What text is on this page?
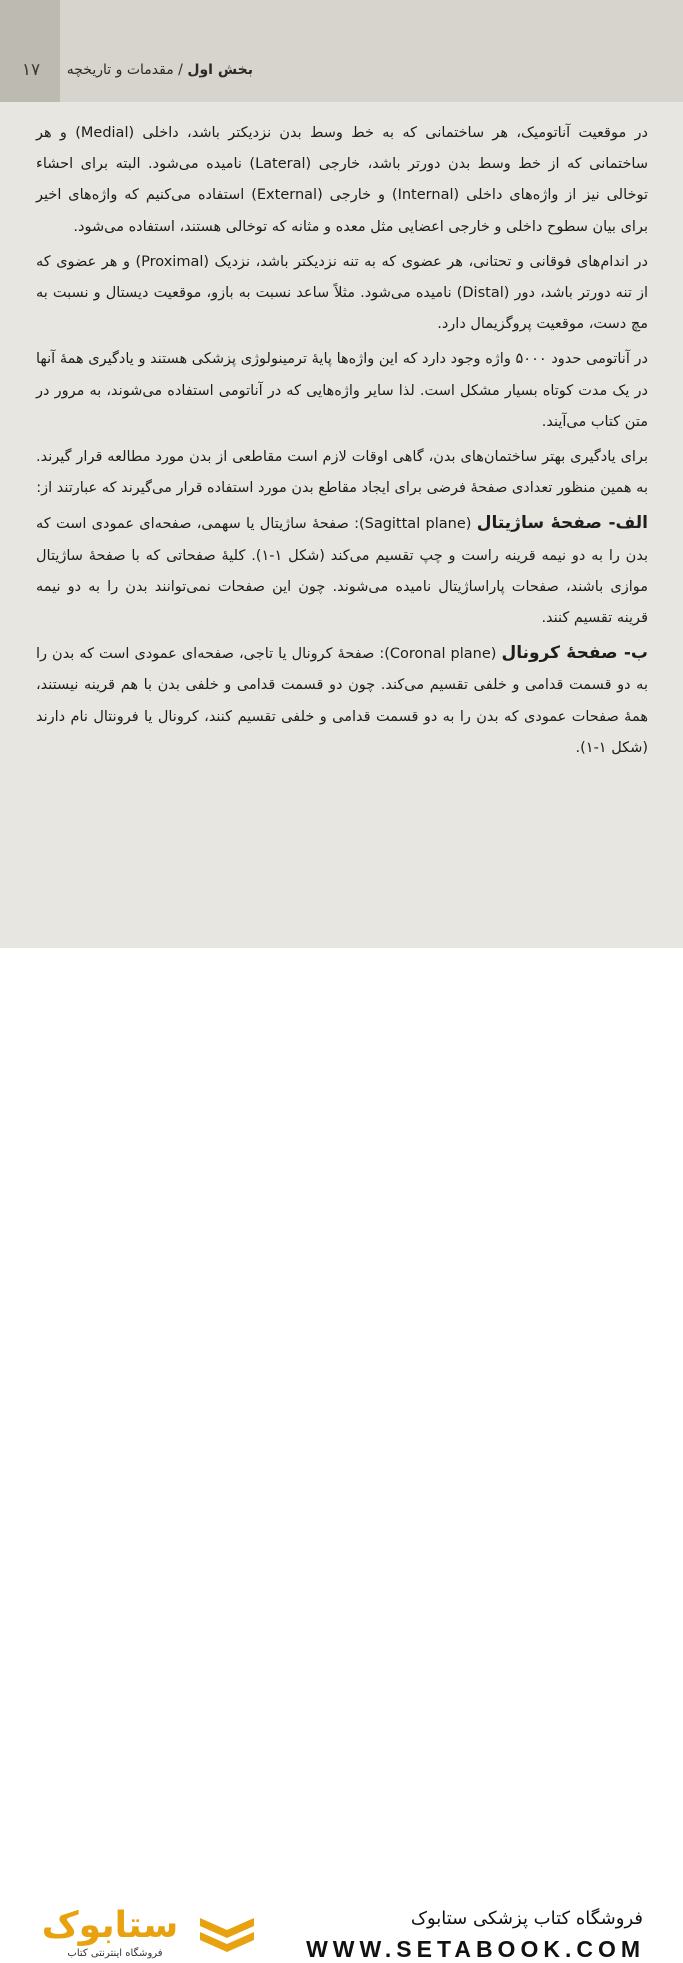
۱۷	بخش اول / مقدمات و تاریخچه

در موقعیت آناتومیک، هر ساختمانی که به خط وسط بدن نزدیکتر باشد، داخلی (Medial) و هر ساختمانی که از خط وسط بدن دورتر باشد، خارجی (Lateral) نامیده می‌شود. البته برای احشاء توخالی نیز از واژه‌های داخلی (Internal) و خارجی (External) استفاده می‌کنیم که واژه‌های اخیر برای بیان سطوح داخلی و خارجی اعضایی مثل معده و مثانه که توخالی هستند، استفاده می‌شود.

در اندام‌های فوقانی و تحتانی، هر عضوی که به تنه نزدیکتر باشد، نزدیک (Proximal) و هر عضوی که از تنه دورتر باشد، دور (Distal) نامیده می‌شود. مثلاً ساعد نسبت به بازو، موقعیت دیستال و نسبت به مچ دست، موقعیت پروگزیمال دارد.

در آناتومی حدود ۵۰۰۰ واژه وجود دارد که این واژه‌ها پایهٔ ترمینولوژی پزشکی هستند و یادگیری همهٔ آنها در یک مدت کوتاه بسیار مشکل است. لذا سایر واژه‌هایی که در آناتومی استفاده می‌شوند، به مرور در متن کتاب می‌آیند.

برای یادگیری بهتر ساختمان‌های بدن، گاهی اوقات لازم است مقاطعی از بدن مورد مطالعه قرار گیرند. به همین منظور تعدادی صفحهٔ فرضی برای ایجاد مقاطع بدن مورد استفاده قرار می‌گیرند که عبارتند از:

الف- صفحهٔ ساژیتال (Sagittal plane): صفحهٔ ساژیتال یا سهمی، صفحه‌ای عمودی است که بدن را به دو نیمه قرینه راست و چپ تقسیم می‌کند (شکل ۱-۱). کلیهٔ صفحاتی که با صفحهٔ ساژیتال موازی باشند، صفحات پاراساژیتال نامیده می‌شوند. چون این صفحات نمی‌توانند بدن را به دو نیمه قرینه تقسیم کنند.

ب- صفحهٔ کرونال (Coronal plane): صفحهٔ کرونال یا تاجی، صفحه‌ای عمودی است که بدن را به دو قسمت قدامی و خلفی تقسیم می‌کند. چون دو قسمت قدامی و خلفی بدن با هم قرینه نیستند، همهٔ صفحات عمودی که بدن را به دو قسمت قدامی و خلفی تقسیم کنند، کرونال یا فرونتال نام دارند (شکل ۱-۱).

ستابوک
فروشگاه اینترنتی کتاب
فروشگاه کتاب پزشکی ستابوک
WWW.SETABOOK.COM
